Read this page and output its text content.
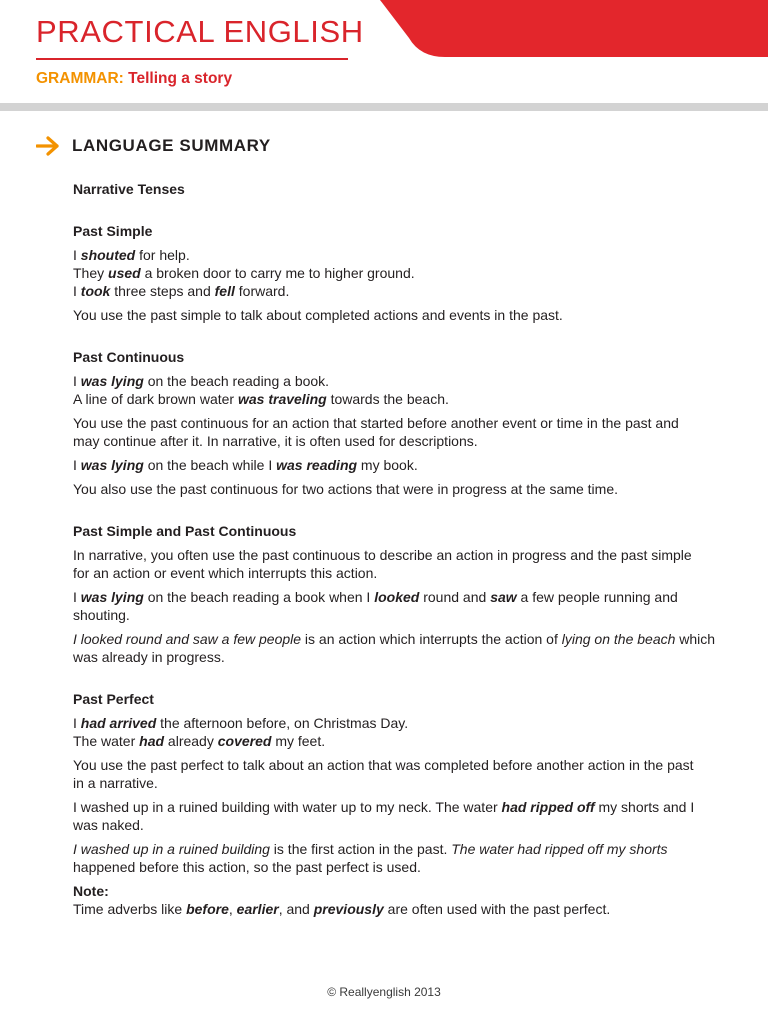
PRACTICAL ENGLISH
GRAMMAR: Telling a story
LANGUAGE SUMMARY

Narrative Tenses

Past Simple

I shouted for help.
They used a broken door to carry me to higher ground.
I took three steps and fell forward.

You use the past simple to talk about completed actions and events in the past.

Past Continuous

I was lying on the beach reading a book.
A line of dark brown water was traveling towards the beach.

You use the past continuous for an action that started before another event or time in the past and
may continue after it. In narrative, it is often used for descriptions.

I was lying on the beach while I was reading my book.

You also use the past continuous for two actions that were in progress at the same time.

Past Simple and Past Continuous

In narrative, you often use the past continuous to describe an action in progress and the past simple
for an action or event which interrupts this action.

I was lying on the beach reading a book when I looked round and saw a few people running and
shouting.

I looked round and saw a few people is an action which interrupts the action of lying on the beach which
was already in progress.

Past Perfect

I had arrived the afternoon before, on Christmas Day.
The water had already covered my feet.

You use the past perfect to talk about an action that was completed before another action in the past
in a narrative.

I washed up in a ruined building with water up to my neck. The water had ripped off my shorts and I
was naked.

I washed up in a ruined building is the first action in the past. The water had ripped off my shorts
happened before this action, so the past perfect is used.

Note:

Time adverbs like before, earlier, and previously are often used with the past perfect.

© Reallyenglish 2013
